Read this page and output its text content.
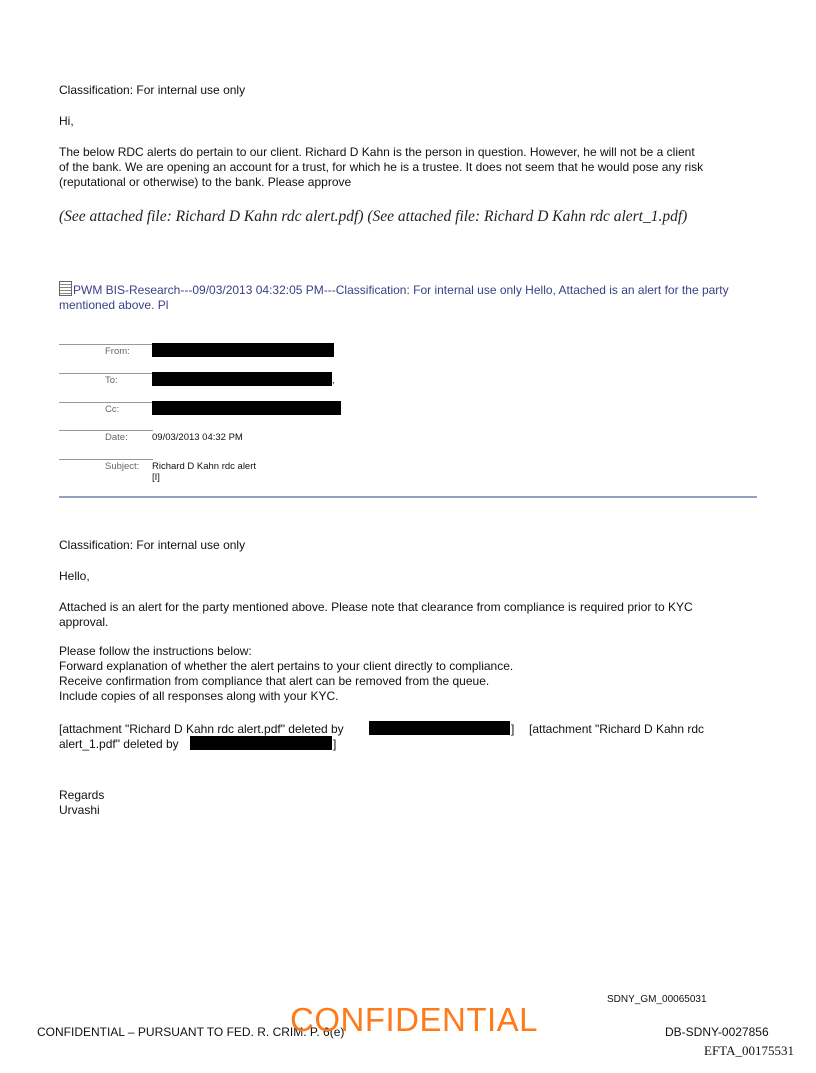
Classification: For internal use only
Hi,
The below RDC alerts do pertain to our client. Richard D Kahn is the person in question. However, he will not be a client
of the bank. We are opening an account for a trust, for which he is a trustee. It does not seem that he would pose any risk
(reputational or otherwise) to the bank. Please approve
(See attached file: Richard D Kahn rdc alert.pdf) (See attached file: Richard D Kahn rdc alert_1.pdf)
PWM BIS-Research---09/03/2013 04:32:05 PM---Classification: For internal use only Hello, Attached is an alert for the party mentioned above. Pl
From:
To:	,
Cc:
Date:	09/03/2013 04:32 PM
Subject: Richard D Kahn rdc alert
[I]
Classification: For internal use only
Hello,
Attached is an alert for the party mentioned above. Please note that clearance from compliance is required prior to KYC
approval.
Please follow the instructions below:
Forward explanation of whether the alert pertains to your client directly to compliance.
Receive confirmation from compliance that alert can be removed from the queue.
Include copies of all responses along with your KYC.
[attachment "Richard D Kahn rdc alert.pdf" deleted by	] [attachment "Richard D Kahn rdc
alert_1.pdf" deleted by	]
Regards
Urvashi
SDNY_GM_00065031
CONFIDENTIAL – PURSUANT TO FED. R. CRIM. P. 6(e)
CONFIDENTIAL	DB-SDNY-0027856
EFTA_00175531
